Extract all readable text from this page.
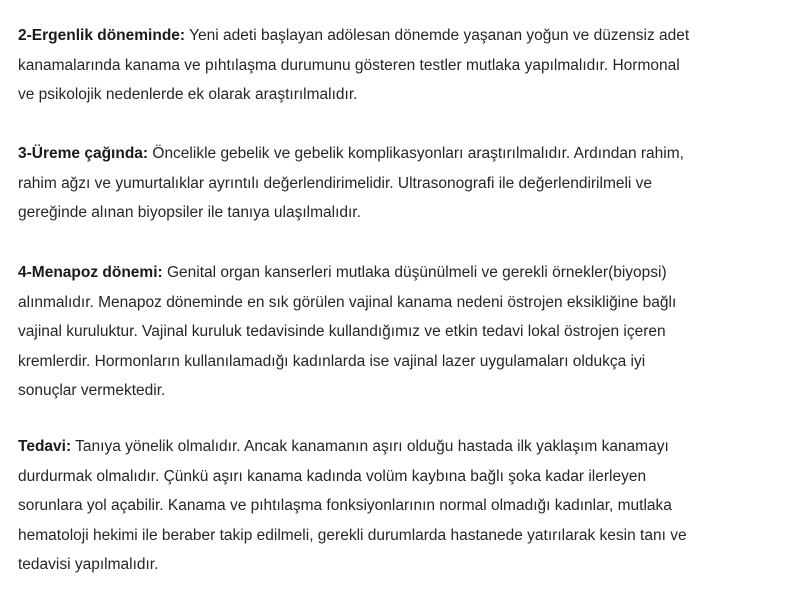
2-Ergenlik döneminde: Yeni adeti başlayan adölesan dönemde yaşanan yoğun ve düzensiz adet
kanamalarında kanama ve pıhtılaşma durumunu gösteren testler mutlaka yapılmalıdır. Hormonal
ve psikolojik nedenlerde ek olarak araştırılmalıdır.
3-Üreme çağında: Öncelikle gebelik ve gebelik komplikasyonları araştırılmalıdır. Ardından rahim,
rahim ağzı ve yumurtalıklar ayrıntılı değerlendirimelidir. Ultrasonografi ile değerlendirilmeli ve
gereğinde alınan biyopsiler ile tanıya ulaşılmalıdır.
4-Menapoz dönemi: Genital organ kanserleri mutlaka düşünülmeli ve gerekli örnekler(biyopsi)
alınmalıdır. Menapoz döneminde en sık görülen vajinal kanama nedeni östrojen eksikliğine bağlı
vajinal kuruluktur. Vajinal kuruluk tedavisinde kullandığımız ve etkin tedavi lokal östrojen içeren
kremlerdir. Hormonların kullanılamadığı kadınlarda ise vajinal lazer uygulamaları oldukça iyi
sonuçlar vermektedir.
Tedavi: Tanıya yönelik olmalıdır. Ancak kanamanın aşırı olduğu hastada ilk yaklaşım kanamayı
durdurmak olmalıdır. Çünkü aşırı kanama kadında volüm kaybına bağlı şoka kadar ilerleyen
sorunlara yol açabilir. Kanama ve pıhtılaşma fonksiyonlarının normal olmadığı kadınlar, mutlaka
hematoloji hekimi ile beraber takip edilmeli, gerekli durumlarda hastanede yatırılarak kesin tanı ve
tedavisi yapılmalıdır.
